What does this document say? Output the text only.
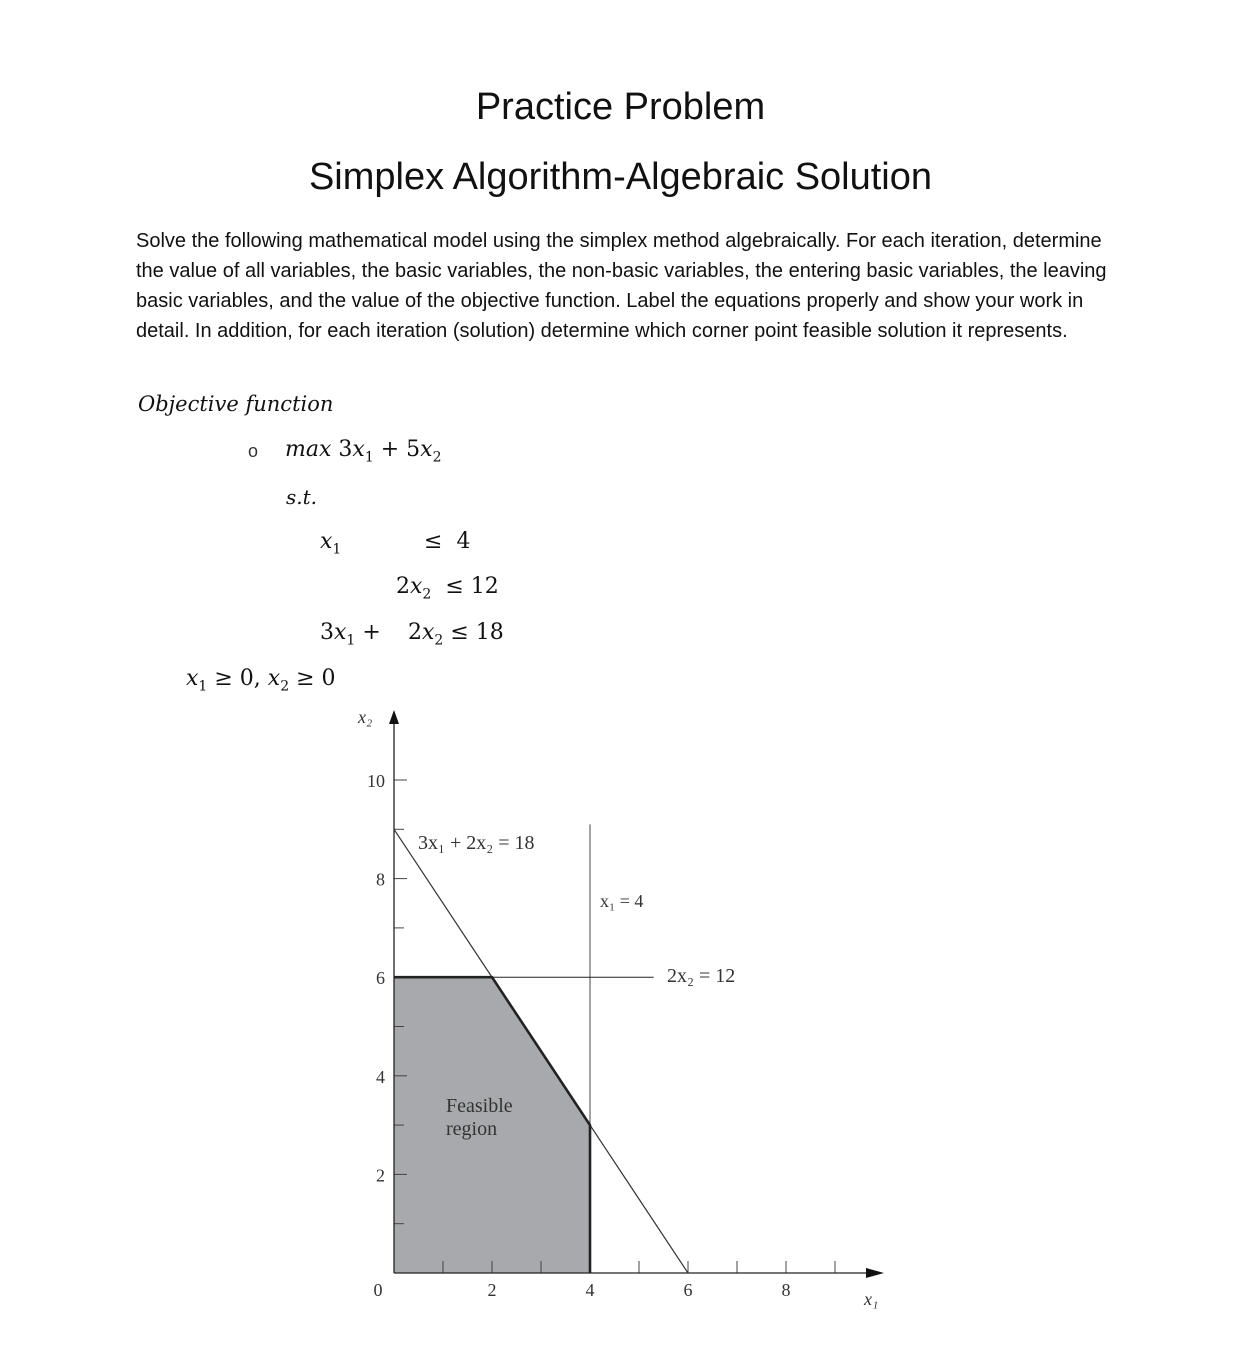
Practice Problem
Simplex Algorithm-Algebraic Solution
Solve the following mathematical model using the simplex method algebraically. For each iteration, determine the value of all variables, the basic variables, the non-basic variables, the entering basic variables, the leaving basic variables, and the value of the objective function. Label the equations properly and show your work in detail. In addition, for each iteration (solution) determine which corner point feasible solution it represents.
Objective function
o $\max 3x_1 + 5x_2$
s.t.
$x_1$	≤ 4
$2x_2 \le 12$
$3x_1 + 2x_2 \le 18$
$x_1 \ge 0$, $x_2 \ge 0$
2
4
6
8
10
0	2	4	6	8
3x₁ + 2x₂ = 18
x₁ = 4
2x₂ = 12
Feasible
region
x₂
x₁
